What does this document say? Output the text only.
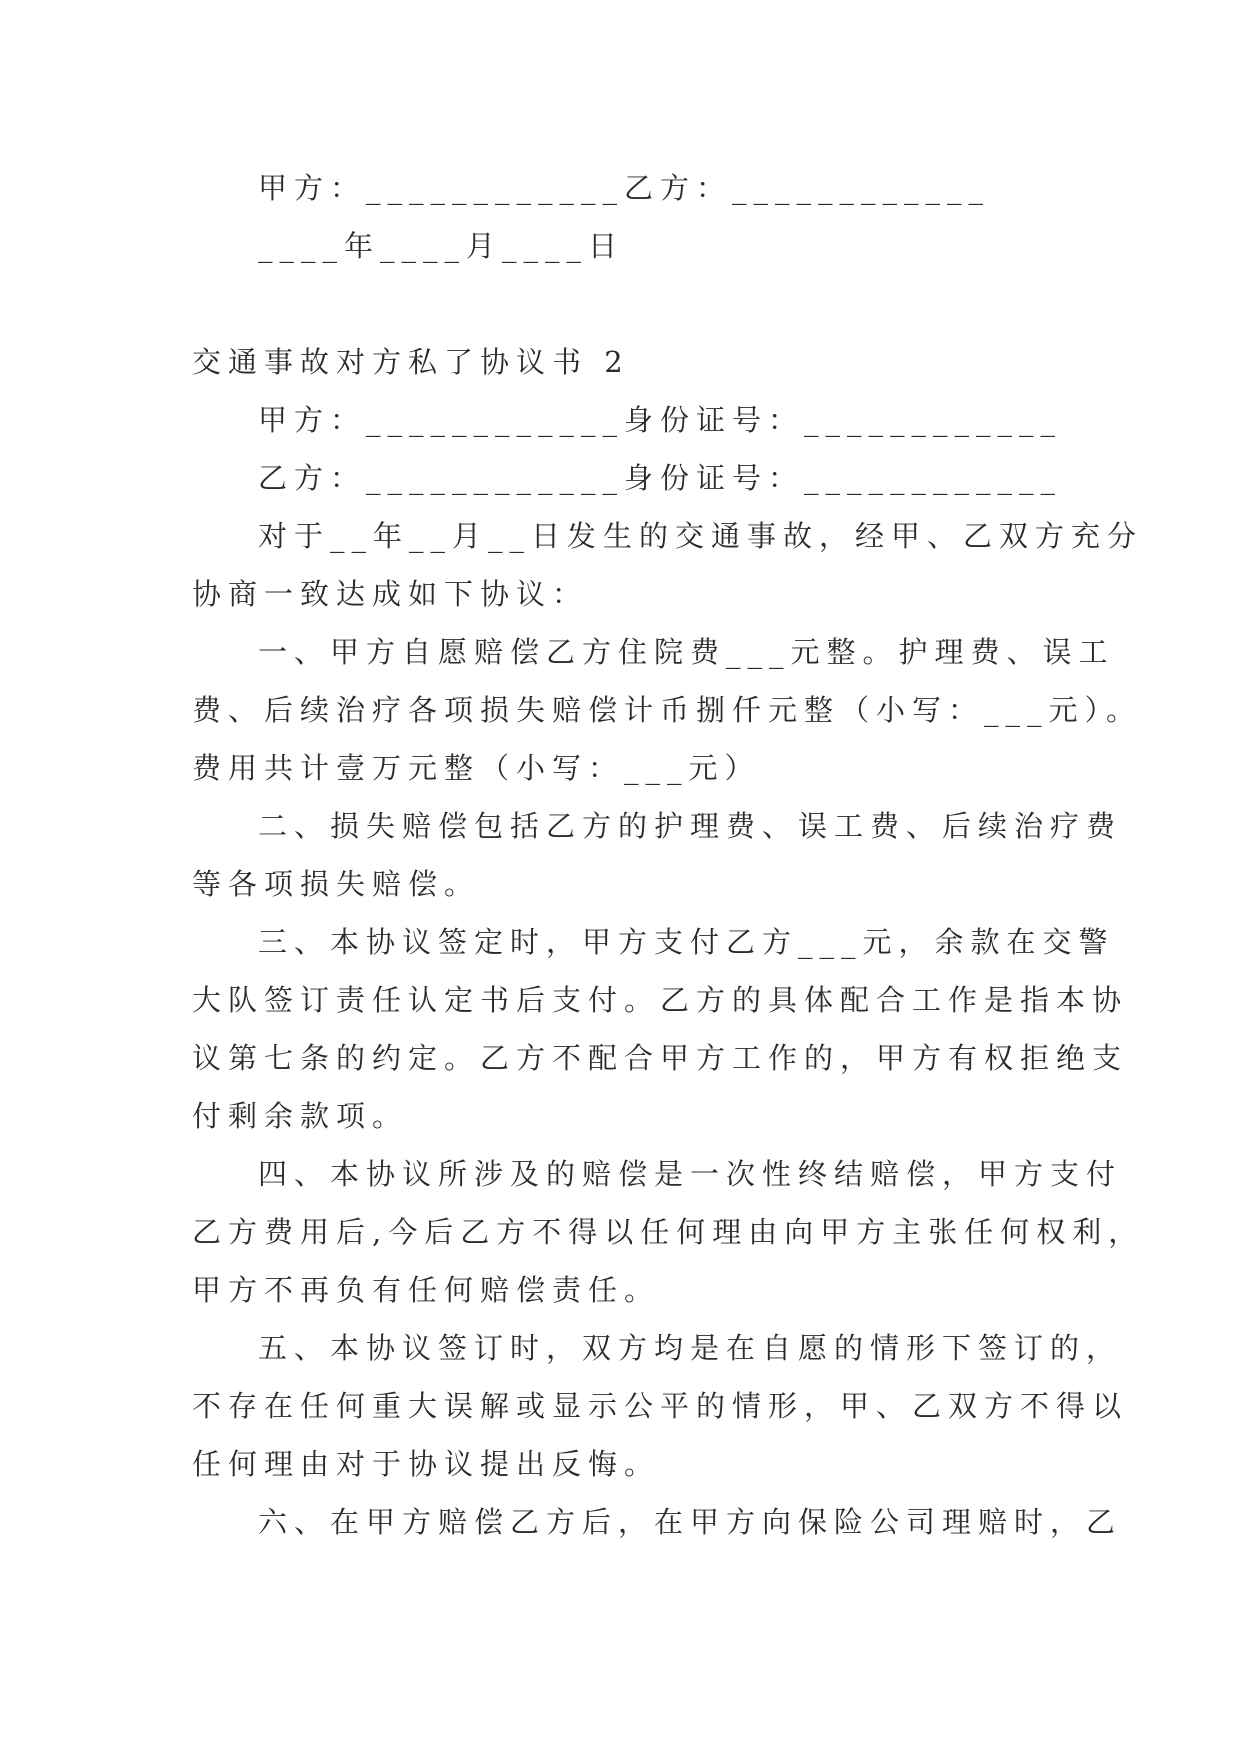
甲方：____________乙方：____________
____年____月____日
交通事故对方私了协议书 2
甲方：____________身份证号：____________
乙方：____________身份证号：____________
对于__年__月__日发生的交通事故，经甲、乙双方充分
协商一致达成如下协议：
一、甲方自愿赔偿乙方住院费___元整。护理费、误工
费、后续治疗各项损失赔偿计币捌仟元整（小写：___元）。
费用共计壹万元整（小写：___元）
二、损失赔偿包括乙方的护理费、误工费、后续治疗费
等各项损失赔偿。
三、本协议签定时，甲方支付乙方___元，余款在交警
大队签订责任认定书后支付。乙方的具体配合工作是指本协
议第七条的约定。乙方不配合甲方工作的，甲方有权拒绝支
付剩余款项。
四、本协议所涉及的赔偿是一次性终结赔偿，甲方支付
乙方费用后,今后乙方不得以任何理由向甲方主张任何权利，
甲方不再负有任何赔偿责任。
五、本协议签订时，双方均是在自愿的情形下签订的，
不存在任何重大误解或显示公平的情形，甲、乙双方不得以
任何理由对于协议提出反悔。
六、在甲方赔偿乙方后，在甲方向保险公司理赔时，乙
